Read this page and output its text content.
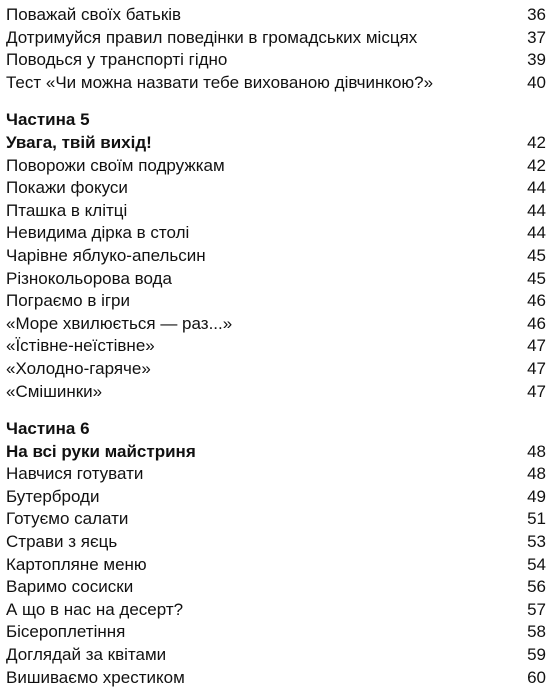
Поважай своїх батьків	36
Дотримуйся правил поведінки в громадських місцях	37
Поводься у транспорті гідно	39
Тест «Чи можна назвати тебе вихованою дівчинкою?»	40
Частина 5
Увага, твій вихід!	42
Поворожи своїм подружкам	42
Покажи фокуси	44
Пташка в клітці	44
Невидима дірка в столі	44
Чарівне яблуко-апельсин	45
Різнокольорова вода	45
Пограємо в ігри	46
«Море хвилюється — раз...»	46
«Їстівне-неїстівне»	47
«Холодно-гаряче»	47
«Смішинки»	47
Частина 6
На всі руки майстриня	48
Навчися готувати	48
Бутерброди	49
Готуємо салати	51
Страви з яєць	53
Картопляне меню	54
Варимо сосиски	56
А що в нас на десерт?	57
Бісероплетіння	58
Доглядай за квітами	59
Вишиваємо хрестиком	60
